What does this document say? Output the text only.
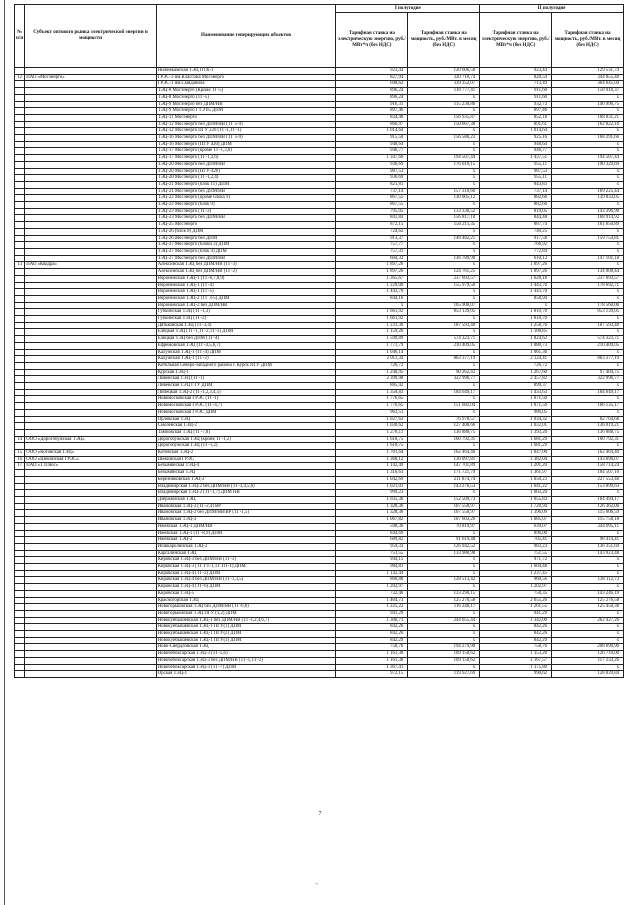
№ п/п	Субъект оптового рынка электрической энергии и мощности	Наименование генерирующих объектов	I полугодие		II полугодие	
			Тарифная ставка на электрическую энергию, руб./МВт*ч (без НДС)	Тарифная ставка на мощность, руб./МВт. в месяц (без НДС)	Тарифная ставка на электрическую энергию, руб./МВт*ч (без НДС)	Тарифная ставка на мощность, руб./МВт. в месяц (без НДС)
		Нижнекамская ТЭЦ ПТК-1	923,44	120 606,58	923,44	129 531,74
12	ПАО «Мосэнерго»	ГРЭС-3 им.Классона Мосэнерго	827,94	320 710,74	820,54	344 855,48
		ГРЭС-1 им.Смидовича	698,62	339 352,07	713,49	364 645,04
		ТЭЦ-8 Мосэнерго (Кроме ТГ-5)	896,24	118 777,41	911,60	158 918,37
		ТЭЦ-8 Мосэнерго (ТГ-5)	896,24	x	911,60	x
		ТЭЦ-9 Мосэнерго без ДПМ/НВ	916,31	115 230,86	932,73	146 996,75
		ТЭЦ-9 Мосэнерго ГТЭ 65 ДПМ	897,46	x	897,46	x
		ТЭЦ-11 Мосэнерго	834,48	156 935,87	852,18	168 831,21
		ТЭЦ-12 Мосэнерго без ДПМ/НВ (ТГ 5-9)	860,97	150 667,38	891,61	162 022,16
		ТЭЦ-12 Мосэнерго ПГУ 220 (ТГ-1,ТГ-1)	1 014,64	x	1 014,64	x
		ТЭЦ-16 Мосэнерго без ДПМ/НВ (ТГ 5-9)	915,50	156 586,23	925,16	168 291,66
		ТЭЦ-16 Мосэнерго (ПГУ 420) ДПМ	948,64	x	948,64	x
		ТЭЦ-17 Мосэнерго (кроме ТГ-1,3,6)	946,77	x	946,77	x
		ТЭЦ-17 Мосэнерго (ТГ-1,3,6)	1 347,66	194 507,44	1 437,51	194 507,44
		ТЭЦ-20 Мосэнерго без ДПМ/НВ	936,69	176 019,15	955,11	190 329,69
		ТЭЦ-20 Мосэнерго (ПГУ-420)	987,53	x	987,53	x
		ТЭЦ-20 Мосэнерго (ТГ-1,2,4)	936,69	x	955,11	x
		ТЭЦ-21 Мосэнерго (блок 11) ДПМ	821,81	x	843,83	x
		ТЭЦ-21 Мосэнерго без ДПМ/НВ	737,14	157 318,60	737,14	169 225,44
		ТЭЦ-22 Мосэнерго (кроме блока 9)	867,55	130 005,12	882,66	139 833,05
		ТЭЦ-22 Мосэнерго (блок 9)	867,55	x	882,66	x
		ТЭЦ-23 Мосэнерго (ТГ-2)	795,05	133 330,52	819,05	143 396,98
		ТЭЦ-23 Мосэнерго без ДПМ/НВ	841,84	156 817,10	844,48	168 914,92
		ТЭЦ-25 Мосэнерго	872,15	150 211,35	887,74	161 650,89
		ТЭЦ-26 (блок 8) ДПМ	724,62	x	740,25	x
		ТЭЦ-26 Мосэнерго без ДПМ	913,37	148 482,21	917,58	159 754,81
		ТЭЦ-27 Мосэнерго (блоки 3) ДПМ	757,77	x	766,92	x
		ТЭЦ-27 Мосэнерго (блок 4) ДПМ	757,31	x	772,84	x
		ТЭЦ-27 Мосэнерго без ДПМ/НВ	604,33	136 789,99	610,13	147 101,18
13	ПАО «Квадра»	Алексинская ТЭЦ без ДПМ/НВ (ТГ-3)	1 897,26	x	1 897,26	x
		Алексинская ТЭЦ без ДПМ/НВ (ТГ-2)	1 897,26	124 761,25	1 897,26	134 008,44
		Воронежская ТЭЦ-1 (ТГ-6,7,8,9)	1 365,67	237 693,57	1 628,18	237 693,57
		Воронежская ТЭЦ-1 (ТГ-4)	1 229,00	155 979,58	1 443,70	178 692,71
		Воронежская ТЭЦ-1 (ТГ-5)	1 443,70	x	1 443,70	x
		Воронежская ТЭЦ-2 (ТГ 3-5) ДПМ	844,16	x	858,94	x
		Воронежская ТЭЦ-2 без ДПМ/НВ	x	165 908,07	x	178 560,00
		Губкинская ТЭЦ (ТГ-1,3)	1 661,92	853 139,05	1 810,70	853 139,05
		Губкинская ТЭЦ (ТГ-2)	1 661,92	x	1 810,70	x
		Дятьковская ТЭЦ (ТГ-3,4)	1 231,30	187 593,48	1 258,76	187 593,48
		Елецкая ТЭЦ (ТГ-1,ТГ-2,ТГ-3) ДПМ	1 159,26	x	1 188,85	x
		Елецкая ТЭЦ без ДПМ (ТГ-4)	1 599,89	574 323,71	1 824,62	574 323,71
		Ефремовская ТЭЦ (ТГ-4,5,6,7)	1 771,79	210 409,05	1 880,73	210 409,05
		Калужская ТЭЦ-1 (ТГ-4) ДПМ	1 046,14	x	1 061,36	x
		Калужская ТЭЦ-1 (ТГ-2)	2 011,34	863 377,19	2 124,41	863 377,19
		Котельная Северо-западного района г. Курск ПГУ ДПМ	726,72	x	726,72	x
		Курская ТЭЦ-1	1 240,95	90 262,43	1 267,60	97 404,75
		Ливенская ТЭЦ (ТГ-1)	2 399,98	322 996,77	2 457,82	322 996,77
		Ливенская ТЭЦ ГТУ ДПМ	885,42	x	899,37	x
		Липецкая ТЭЦ-2 (ТГ-1,2,3,4,5)	1 358,83	184 649,17	1 433,63	184 649,17
		Новомосковская ГРЭС (ТГ-1)	1 776,65	x	1 871,50	x
		Новомосковская ГРЭС (ТГ-4,7)	1 776,65	151 682,04	1 871,50	166 135,17
		Новомосковская ГРЭС ДПМ	963,51	x	986,05	x
		Орловская ТЭЦ	1 027,63	76 978,57	1 034,32	82 764,68
		Смоленская ТЭЦ-2	1 030,62	127 408,66	1 032,01	136 919,21
		Тамбовская ТЭЦ (ТГ-7,8)	1 278,11	136 888,75	1 393,20	136 888,75
14	ООО «Дорогобужская ТЭЦ»	Дорогобужская ТЭЦ (кроме ТГ-1,2)	1 618,75	160 792,31	1 681,29	160 792,31
		Дорогобужская ТЭЦ (ТГ-1,2)	1 618,75	x	1 681,29	x
15	ООО «Котовская ТЭЦ»	Котовская ТЭЦ-2	1 701,64	162 464,40	1 847,00	162 464,40
16	ООО «Шекинская ГРЭС»	Шекинская ГРЭС	1 360,12	136 097,81	1 382,04	143 696,07
17	ПАО «Т Плюс»	Безымянская ТЭЦ-4	1 142,49	147 701,89	1 201,20	158 714,24
		Безымянская ТЭЦ	1 316,63	171 721,79	1 361,97	184 507,16
		Березниковская ТЭЦ-2	1 042,69	211 874,74	1 050,23	227 553,48
		Владимирская ТЭЦ-2 без ДПМ/НВ (ТГ-3,4,5,6)	1 021,01	143 276,53	1 041,22	153 899,63
		Владимирская ТЭЦ-2 (ТГ-1,7) ДПМ НВ	999,23	x	1 003,20	x
		Дзержинская ТЭЦ	1 035,36	152 509,73	1 055,83	164 494,17
		Ивановская ТЭЦ-3 (ТГ-2,4) ВР	1 328,36	107 558,97	1 720,94	126 362,06
		Ивановская ТЭЦ-2 без ДПМ/НВ/ВР (ТГ-1,5)	1 328,36	107 558,97	1 396,09	115 606,59
		Ивановская ТЭЦ-3	1 067,82	107 603,26	1 085,07	115 758,18
		Ижевская ТЭЦ-1 ДПМ/НВ	598,36	70 819,97	639,07	244 095,11
		Ижевская ТЭЦ-1 (ТГ-8,9) ДПМ	844,69	x	896,00	x
		Ижевская ТЭЦ-2	689,82	91 619,48	705,41	98 414,41
		Йошкаролинская ТЭЦ-2	959,33	126 942,52	983,23	136 351,69
		Каргалинская ТЭЦ	751,55	133 980,98	751,55	143 923,48
		Кировская ТЭЦ-3 без ДПМ/НВ (ТГ-3)	944,15	x	971,72	x
		Кировская ТЭЦ-3 (ТГ ГТ-1,ТГ ПТ-1) ДПМ	984,81	x	1 004,48	x
		Кировская ТЭЦ-4 (ТГ-2) ДПМ	1 142,44	x	1 237,45	x
		Кировская ТЭЦ-4 без ДПМ/НВ (ТГ-1,3,5)	868,88	128 513,42	960,56	138 112,73
		Кировская ТЭЦ-4 (ТГ-6) ДПМ	1 202,97	x	1 202,97	x
		Кировская ТЭЦ-5	732,46	133 290,15	758,35	143 246,19
		Красногорская ТЭЦ	1 404,73	125 276,58	2 055,26	125 276,58
		Новогорьковская ТЭЦ без ДПМ/НВ (ТГ-6,8)	1 225,22	116 246,17	1 261,55	125 450,38
		Новогорьковская ТЭЦ ПГУ (1,2) ДПМ	941,29	x	941,29	x
		Новокуйбышевская ТЭЦ-1 без ДПМ/НВ (ТГ-1,2,4,6,7)	1 306,71	244 055,44	1 342,00	262 427,26
		Новокуйбышевская ТЭЦ-1 ПГУ(1) ДПМ	842,26	x	842,26	x
		Новокуйбышевская ТЭЦ-1 ПГУ(2) ДПМ	842,26	x	842,26	x
		Новокуйбышевская ТЭЦ-1 ПГУ(3) ДПМ	842,29	x	842,29	x
		Ново-Свердловская ТЭЦ	758,76	194 279,90	758,76	208 690,96
		Новочебоксарская ТЭЦ-3 (ТГ-5,6)	1 161,38	109 150,62	1 353,20	126 710,00
		Новочебоксарская ТЭЦ-3 без ДПМ/НВ (ТГ-1,ТГ-2)	1 161,38	109 150,62	1 167,57	117 233,26
		Новочебоксарская ТЭЦ-3 (ТГ-7) ДПМ	1 367,41	x	1 375,80	x
		Орская ТЭЦ-1	972,15	119 927,69	990,62	128 839,84
7
~
